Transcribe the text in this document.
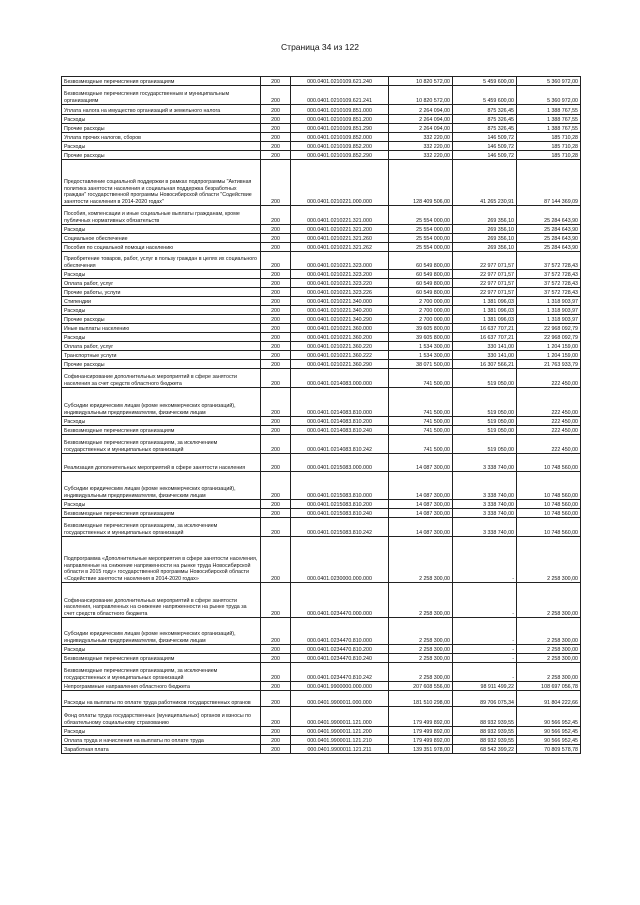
Страница 34 из 122
Безвозмездные перечисления организациям	200	000.0401.0210109.621.240	10 820 572,00	5 459 600,00	5 360 972,00
Безвозмездные перечисления государственным и муниципальным организациям	200	000.0401.0210109.621.241	10 820 572,00	5 459 600,00	5 360 972,00
Уплата налога на имущество организаций и земельного налога	200	000.0401.0210109.851.000	2 264 094,00	875 326,45	1 388 767,55
Расходы	200	000.0401.0210109.851.200	2 264 094,00	875 326,45	1 388 767,55
Прочие расходы	200	000.0401.0210109.851.290	2 264 094,00	875 326,45	1 388 767,55
Уплата прочих налогов, сборов	200	000.0401.0210109.852.000	332 220,00	146 509,72	185 710,28
Расходы	200	000.0401.0210109.852.200	332 220,00	146 509,72	185 710,28
Прочие расходы	200	000.0401.0210109.852.290	332 220,00	146 509,72	185 710,28
Предоставление социальной поддержки в рамках подпрограммы "Активная политика занятости населения и социальная поддержка безработных граждан" государственной программы Новосибирской области "Содействие занятости населения в 2014-2020 годах"	200	000.0401.0210221.000.000	128 409 506,00	41 265 230,91	87 144 369,09
Пособия, компенсации и иные социальные выплаты гражданам, кроме публичных нормативных обязательств	200	000.0401.0210221.321.000	25 554 000,00	269 356,10	25 284 643,90
Расходы	200	000.0401.0210221.321.200	25 554 000,00	269 356,10	25 284 643,90
Социальное обеспечение	200	000.0401.0210221.321.260	25 554 000,00	269 356,10	25 284 643,90
Пособия по социальной помощи населению	200	000.0401.0210221.321.262	25 554 000,00	269 356,10	25 284 643,90
Приобретение товаров, работ, услуг в пользу граждан в целях их социального обеспечения	200	000.0401.0210221.323.000	60 549 800,00	22 977 071,57	37 572 728,43
Расходы	200	000.0401.0210221.323.200	60 549 800,00	22 977 071,57	37 572 728,43
Оплата работ, услуг	200	000.0401.0210221.323.220	60 549 800,00	22 977 071,57	37 572 728,43
Прочие работы, услуги	200	000.0401.0210221.323.226	60 549 800,00	22 977 071,57	37 572 728,43
Стипендии	200	000.0401.0210221.340.000	2 700 000,00	1 381 096,03	1 318 903,97
Расходы	200	000.0401.0210221.340.200	2 700 000,00	1 381 096,03	1 318 903,97
Прочие расходы	200	000.0401.0210221.340.290	2 700 000,00	1 381 096,03	1 318 903,97
Иные выплаты населению	200	000.0401.0210221.360.000	39 605 800,00	16 637 707,21	22 968 092,79
Расходы	200	000.0401.0210221.360.200	39 605 800,00	16 637 707,21	22 968 092,79
Оплата работ, услуг	200	000.0401.0210221.360.220	1 534 300,00	330 141,00	1 204 159,00
Транспортные услуги	200	000.0401.0210221.360.222	1 534 300,00	330 141,00	1 204 159,00
Прочие расходы	200	000.0401.0210221.360.290	38 071 500,00	16 307 566,21	21 763 933,79
Софинансирование дополнительных мероприятий в сфере занятости населения за счет средств областного бюджета	200	000.0401.0214083.000.000	741 500,00	519 050,00	222 450,00
Субсидии юридическим лицам (кроме некоммерческих организаций), индивидуальным предпринимателям, физическим лицам	200	000.0401.0214083.810.000	741 500,00	519 050,00	222 450,00
Расходы	200	000.0401.0214083.810.200	741 500,00	519 050,00	222 450,00
Безвозмездные перечисления организациям	200	000.0401.0214083.810.240	741 500,00	519 050,00	222 450,00
Безвозмездные перечисления организациям, за исключением государственных и муниципальных организаций	200	000.0401.0214083.810.242	741 500,00	519 050,00	222 450,00
Реализация дополнительных мероприятий в сфере занятости населения	200	000.0401.0215083.000.000	14 087 300,00	3 338 740,00	10 748 560,00
Субсидии юридическим лицам (кроме некоммерческих организаций), индивидуальным предпринимателям, физическим лицам	200	000.0401.0215083.810.000	14 087 300,00	3 338 740,00	10 748 560,00
Расходы	200	000.0401.0215083.810.200	14 087 300,00	3 338 740,00	10 748 560,00
Безвозмездные перечисления организациям	200	000.0401.0215083.810.240	14 087 300,00	3 338 740,00	10 748 560,00
Безвозмездные перечисления организациям, за исключением государственных и муниципальных организаций	200	000.0401.0215083.810.242	14 087 300,00	3 338 740,00	10 748 560,00
Подпрограмма «Дополнительные мероприятия в сфере занятости населения, направленные на снижение напряженности на рынке труда Новосибирской области в 2015 году» государственной программы Новосибирской области «Содействие занятости населения в 2014-2020 годах»	200	000.0401.0230000.000.000	2 258 300,00	-	2 258 300,00
Софинансирование дополнительных мероприятий в сфере занятости населения, направленных на снижение напряженности на рынке труда за счет средств областного бюджета	200	000.0401.0234470.000.000	2 258 300,00	-	2 258 300,00
Субсидии юридическим лицам (кроме некоммерческих организаций), индивидуальным предпринимателям, физическим лицам	200	000.0401.0234470.810.000	2 258 300,00	-	2 258 300,00
Расходы	200	000.0401.0234470.810.200	2 258 300,00	-	2 258 300,00
Безвозмездные перечисления организациям	200	000.0401.0234470.810.240	2 258 300,00	-	2 258 300,00
Безвозмездные перечисления организациям, за исключением государственных и муниципальных организаций	200	000.0401.0234470.810.242	2 258 300,00	-	2 258 300,00
Непрограммные направления областного бюджета	200	000.0401.9900000.000.000	207 608 556,00	98 911 499,22	108 697 056,78
Расходы на выплаты по оплате труда работников государственных органов	200	000.0401.9900011.000.000	181 510 298,00	89 706 075,34	91 804 222,66
Фонд оплаты труда государственных (муниципальных) органов и взносы по обязательному социальному страхованию	200	000.0401.9900011.121.000	179 499 892,00	88 932 939,55	90 566 952,45
Расходы	200	000.0401.9900011.121.200	179 499 892,00	88 932 939,55	90 566 952,45
Оплата труда и начисления на выплаты по оплате труда	200	000.0401.9900011.121.210	179 499 892,00	88 932 939,55	90 566 952,45
Заработная плата	200	000.0401.9900011.121.211	139 351 978,00	68 542 399,22	70 809 578,78
